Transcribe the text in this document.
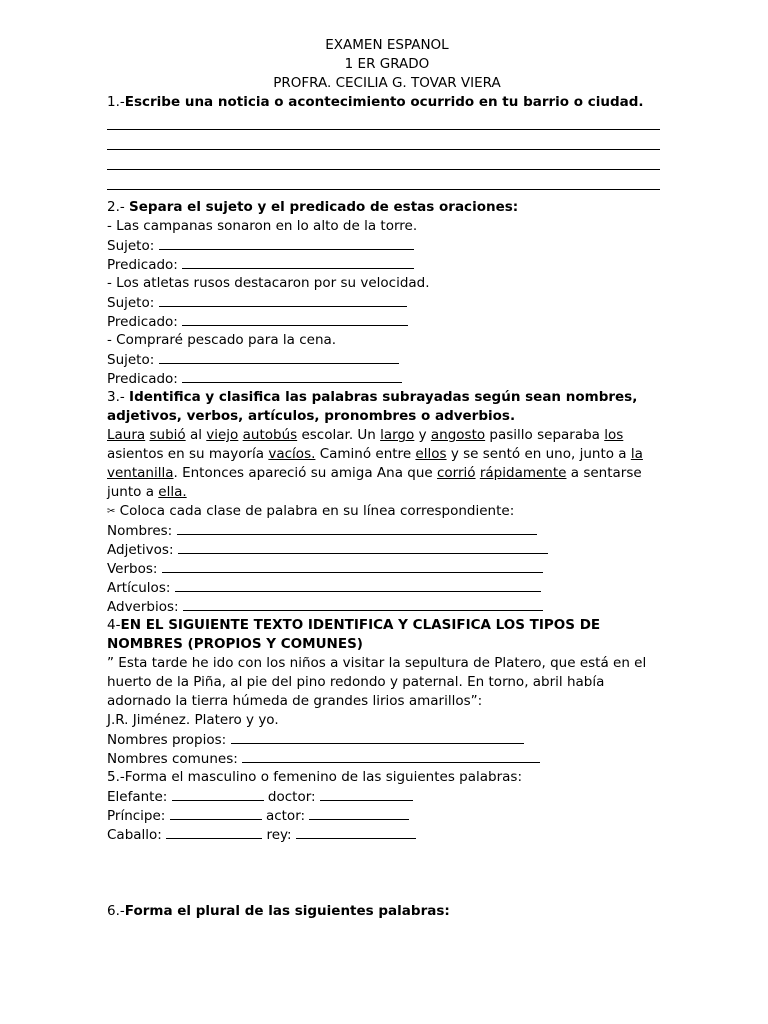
EXAMEN ESPANOL
1 ER GRADO
PROFRA. CECILIA G. TOVAR VIERA
1.-Escribe una noticia o acontecimiento ocurrido en tu barrio o ciudad.
2.- Separa el sujeto y el predicado de estas oraciones:
- Las campanas sonaron en lo alto de la torre.
Sujeto:
Predicado:
- Los atletas rusos destacaron por su velocidad.
Sujeto:
Predicado:
- Compraré pescado para la cena.
Sujeto:
Predicado:
3.- Identifica y clasifica las palabras subrayadas según sean nombres,
adjetivos, verbos, artículos, pronombres o adverbios.
Laura subió al viejo autobús escolar. Un largo y angosto pasillo separaba los
asientos en su mayoría vacíos. Caminó entre ellos y se sentó en uno, junto a la
ventanilla. Entonces apareció su amiga Ana que corrió rápidamente a sentarse
junto a ella.
✂ Coloca cada clase de palabra en su línea correspondiente:
Nombres:
Adjetivos:
Verbos:
Artículos:
Adverbios:
4-EN EL SIGUIENTE TEXTO IDENTIFICA Y CLASIFICA LOS TIPOS DE
NOMBRES (PROPIOS Y COMUNES)
” Esta tarde he ido con los niños a visitar la sepultura de Platero, que está en el
huerto de la Piña, al pie del pino redondo y paternal. En torno, abril había
adornado la tierra húmeda de grandes lirios amarillos”:
J.R. Jiménez. Platero y yo.
Nombres propios:
Nombres comunes:
5.-Forma el masculino o femenino de las siguientes palabras:
Elefante:	doctor:
Príncipe:	actor:
Caballo:	rey:
6.-Forma el plural de las siguientes palabras:
